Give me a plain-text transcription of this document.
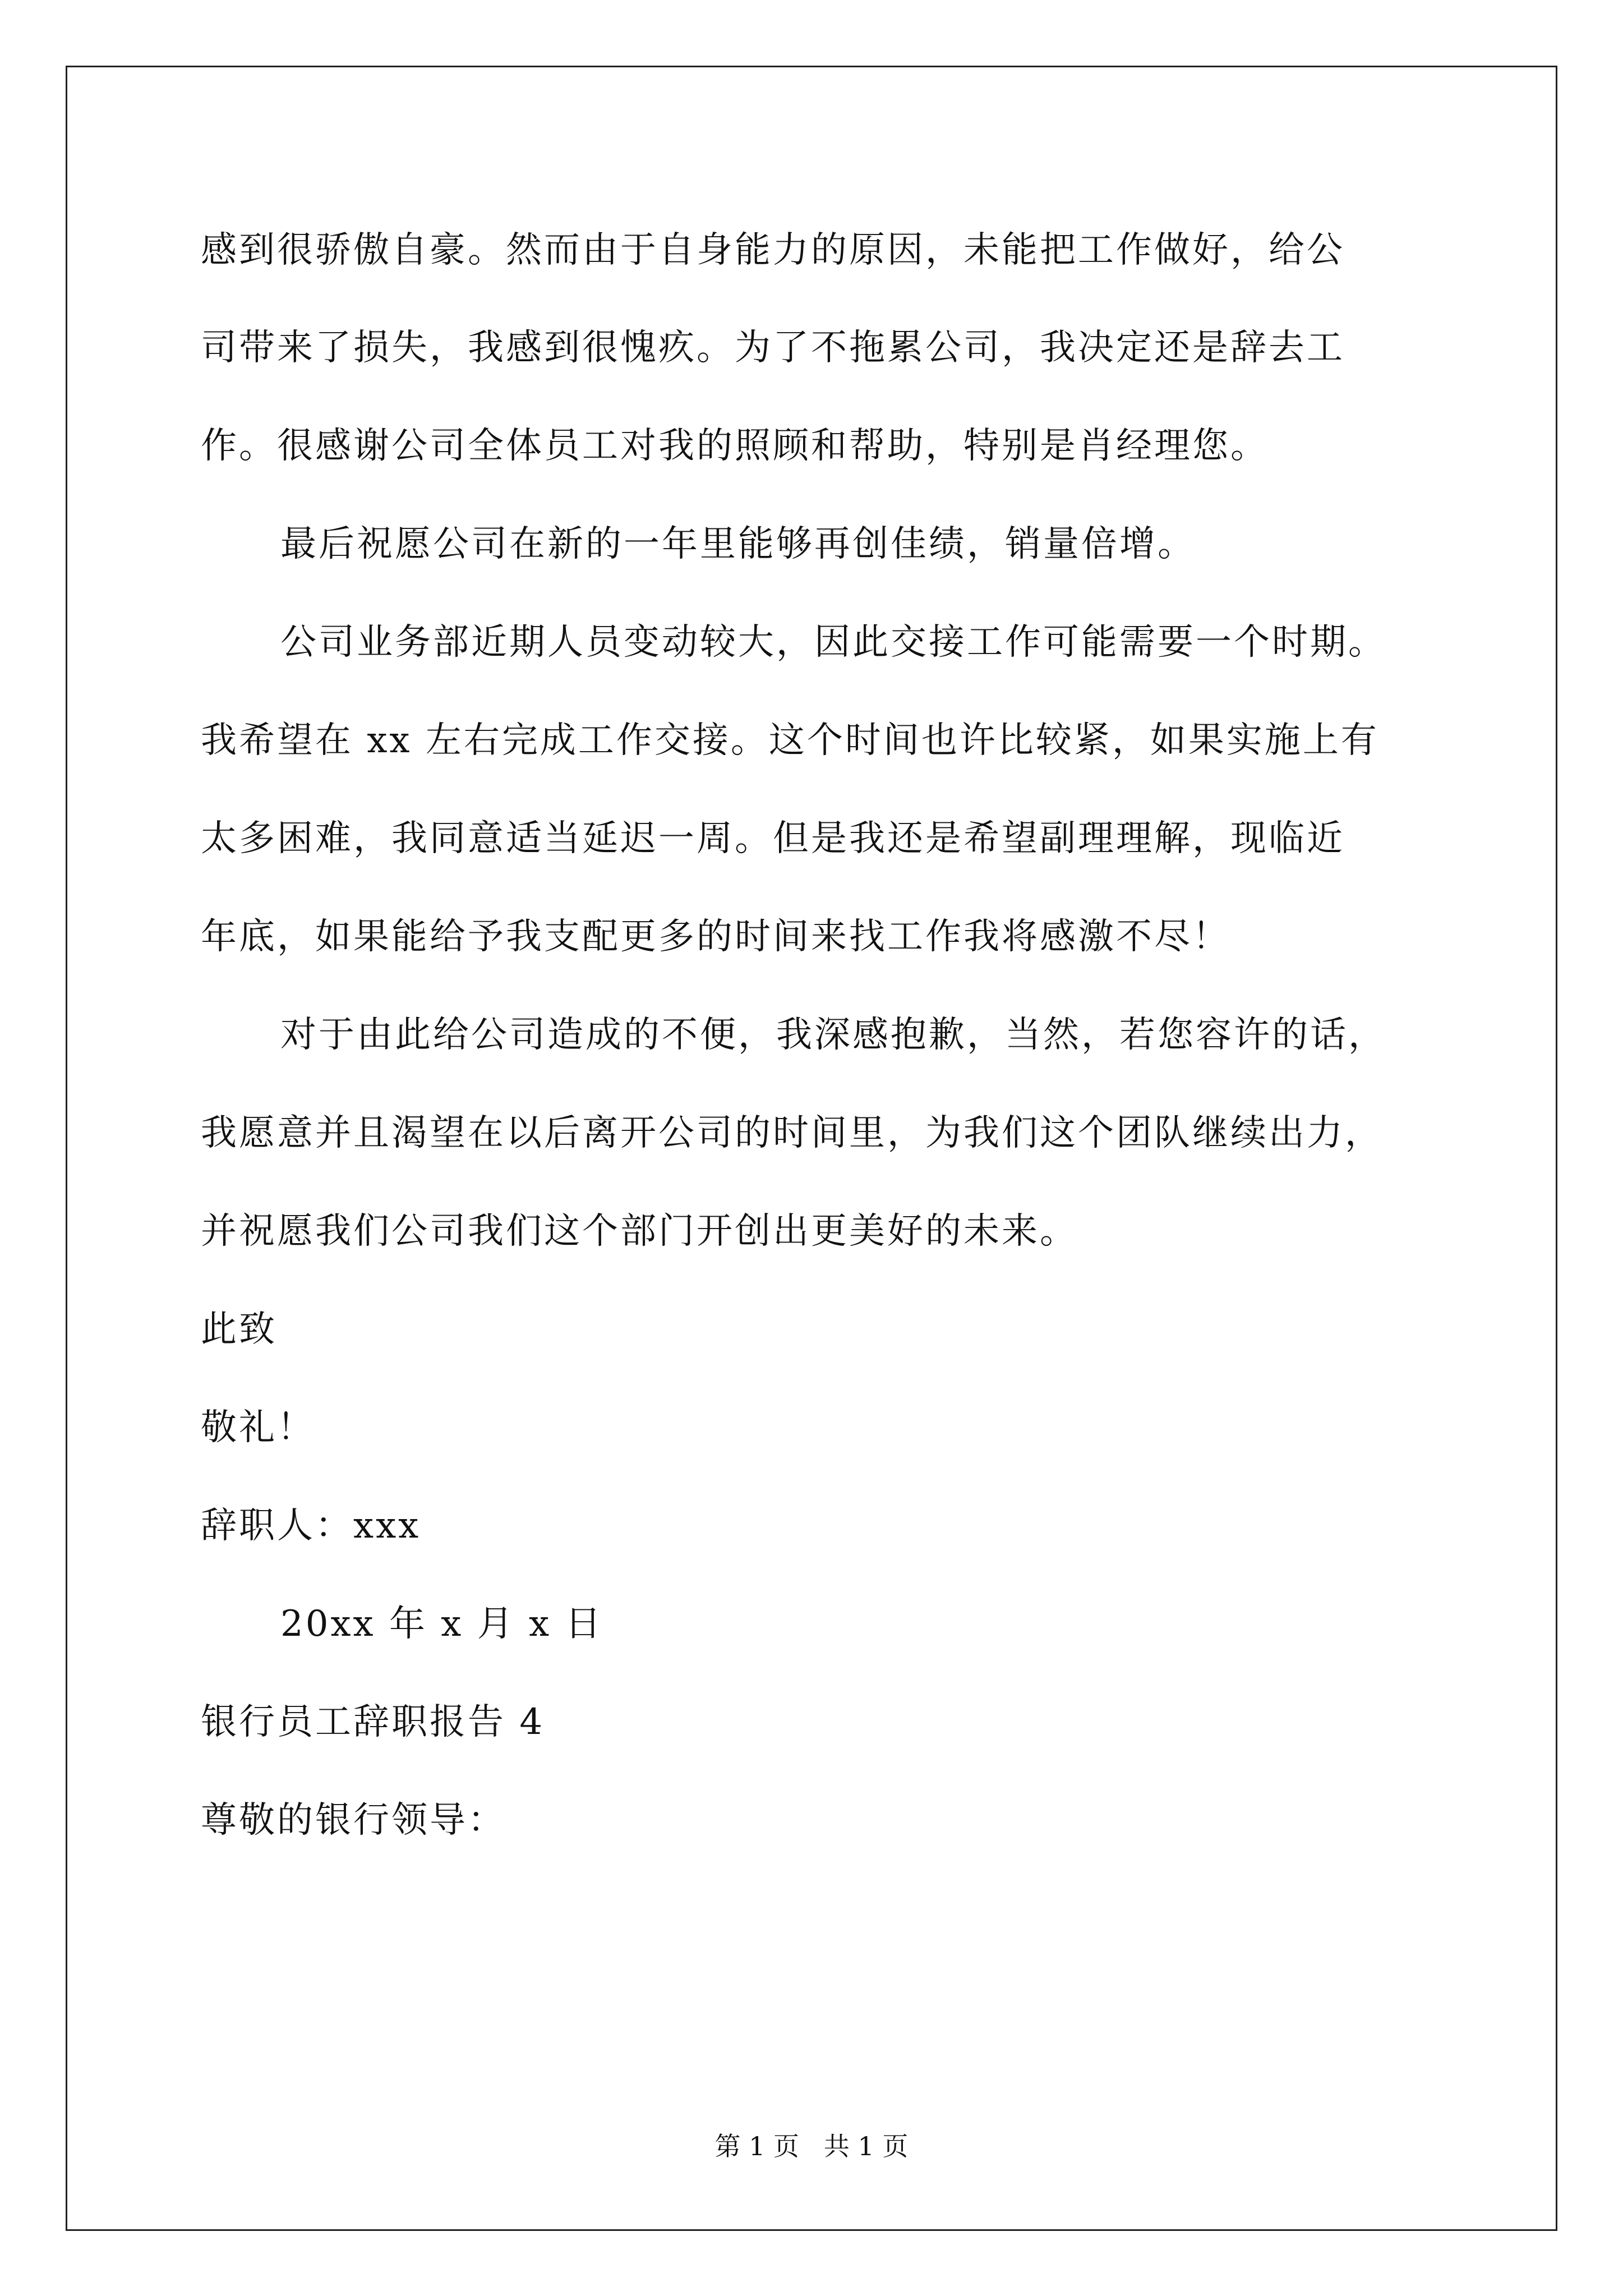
感到很骄傲自豪。然而由于自身能力的原因，未能把工作做好，给公
司带来了损失，我感到很愧疚。为了不拖累公司，我决定还是辞去工
作。很感谢公司全体员工对我的照顾和帮助，特别是肖经理您。
最后祝愿公司在新的一年里能够再创佳绩，销量倍增。
公司业务部近期人员变动较大，因此交接工作可能需要一个时期。
我希望在 xx 左右完成工作交接。这个时间也许比较紧，如果实施上有
太多困难，我同意适当延迟一周。但是我还是希望副理理解，现临近
年底，如果能给予我支配更多的时间来找工作我将感激不尽！
对于由此给公司造成的不便，我深感抱歉，当然，若您容许的话，
我愿意并且渴望在以后离开公司的时间里，为我们这个团队继续出力，
并祝愿我们公司我们这个部门开创出更美好的未来。
此致
敬礼！
辞职人：xxx
20xx 年 x 月 x 日
银行员工辞职报告 4
尊敬的银行领导：
第 1 页   共 1 页
